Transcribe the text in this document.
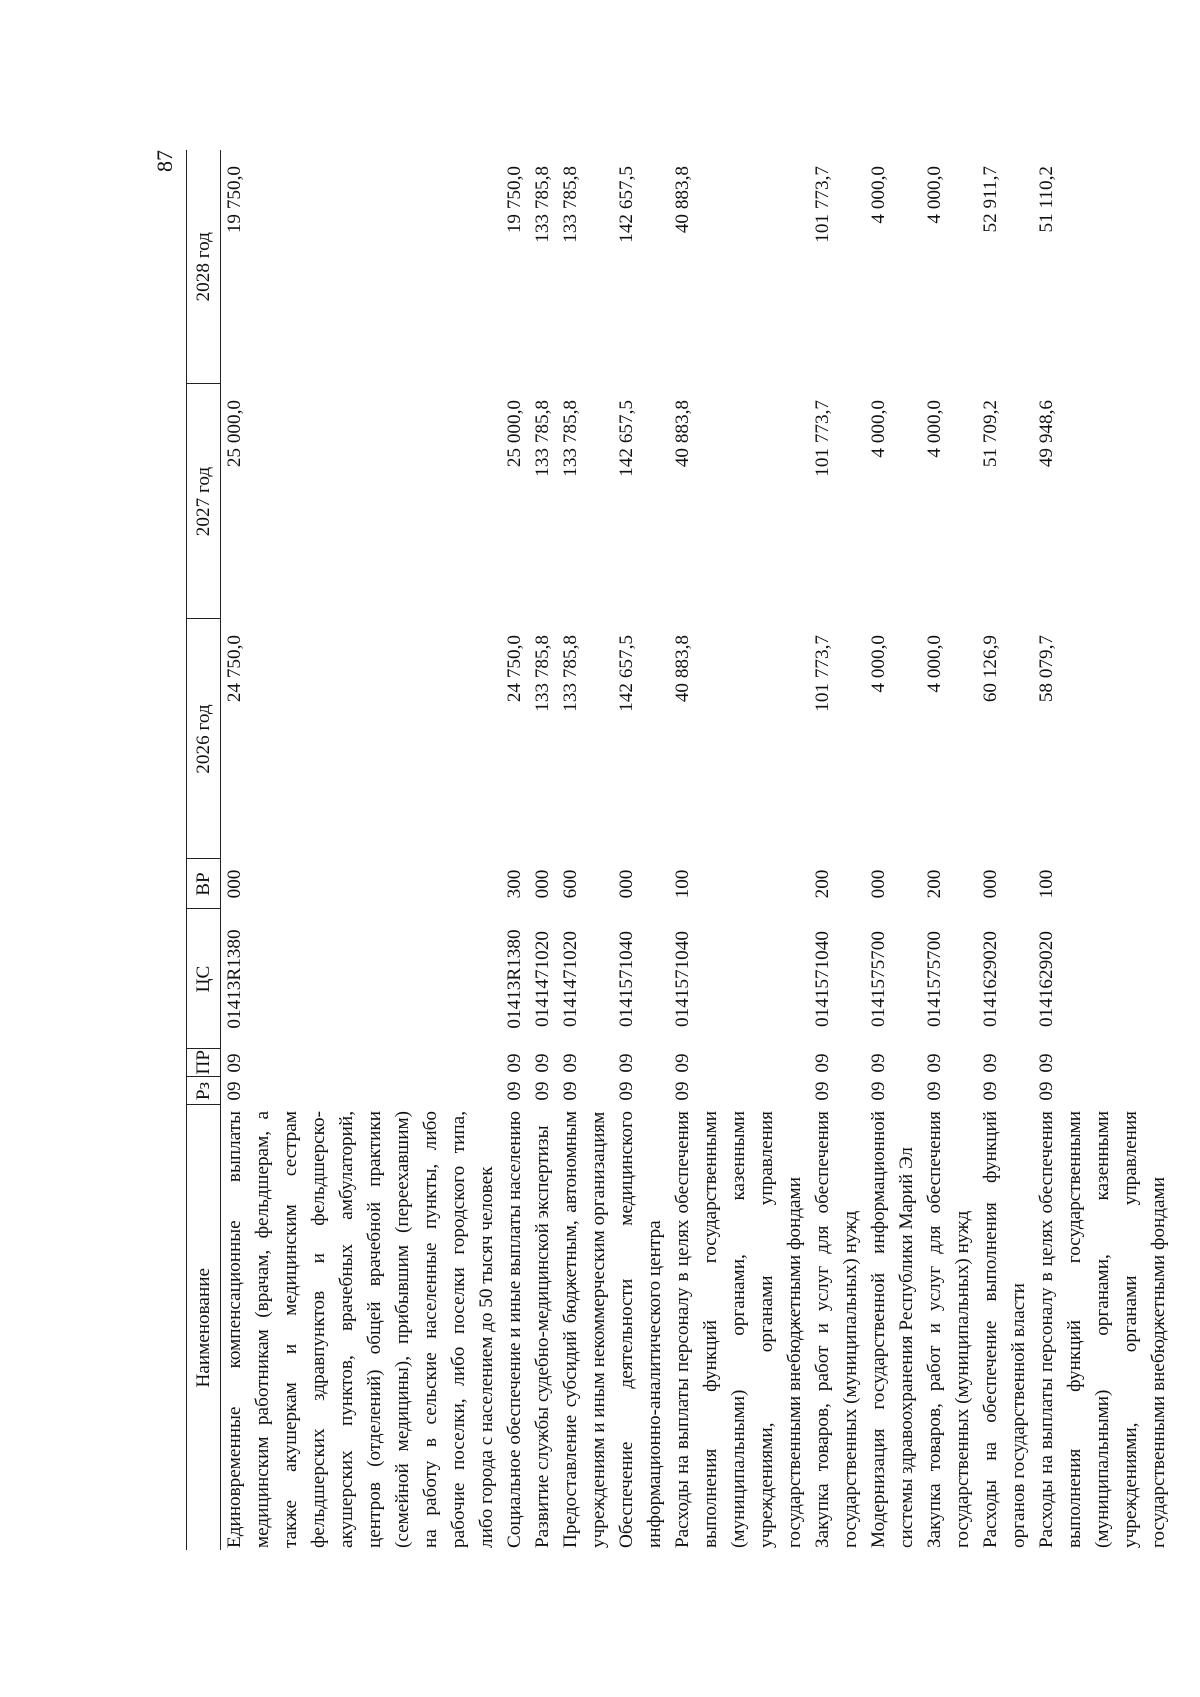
87
Наименование	Рз	ПР	ЦС	ВР	2026 год	2027 год	2028 год
Единовременные компенсационные выплаты медицинским работникам (врачам, фельдшерам, а также акушеркам и медицинским сестрам фельдшерских здравпунктов и фельдшерско-акушерских пунктов, врачебных амбулаторий, центров (отделений) общей врачебной практики (семейной медицины), прибывшим (переехавшим) на работу в сельские населенные пункты, либо рабочие поселки, либо поселки городского типа, либо города с населением до 50 тысяч человек	09	09	01413R1380	000	24 750,0	25 000,0	19 750,0
Социальное обеспечение и иные выплаты населению	09	09	01413R1380	300	24 750,0	25 000,0	19 750,0
Развитие службы судебно-медицинской экспертизы	09	09	0141471020	000	133 785,8	133 785,8	133 785,8
Предоставление субсидий бюджетным, автономным учреждениям и иным некоммерческим организациям	09	09	0141471020	600	133 785,8	133 785,8	133 785,8
Обеспечение деятельности медицинского информационно-аналитического центра	09	09	0141571040	000	142 657,5	142 657,5	142 657,5
Расходы на выплаты персоналу в целях обеспечения выполнения функций государственными (муниципальными) органами, казенными учреждениями, органами управления государственными внебюджетными фондами	09	09	0141571040	100	40 883,8	40 883,8	40 883,8
Закупка товаров, работ и услуг для обеспечения государственных (муниципальных) нужд	09	09	0141571040	200	101 773,7	101 773,7	101 773,7
Модернизация государственной информационной системы здравоохранения Республики Марий Эл	09	09	0141575700	000	4 000,0	4 000,0	4 000,0
Закупка товаров, работ и услуг для обеспечения государственных (муниципальных) нужд	09	09	0141575700	200	4 000,0	4 000,0	4 000,0
Расходы на обеспечение выполнения функций органов государственной власти	09	09	0141629020	000	60 126,9	51 709,2	52 911,7
Расходы на выплаты персоналу в целях обеспечения выполнения функций государственными (муниципальными) органами, казенными учреждениями, органами управления государственными внебюджетными фондами	09	09	0141629020	100	58 079,7	49 948,6	51 110,2
